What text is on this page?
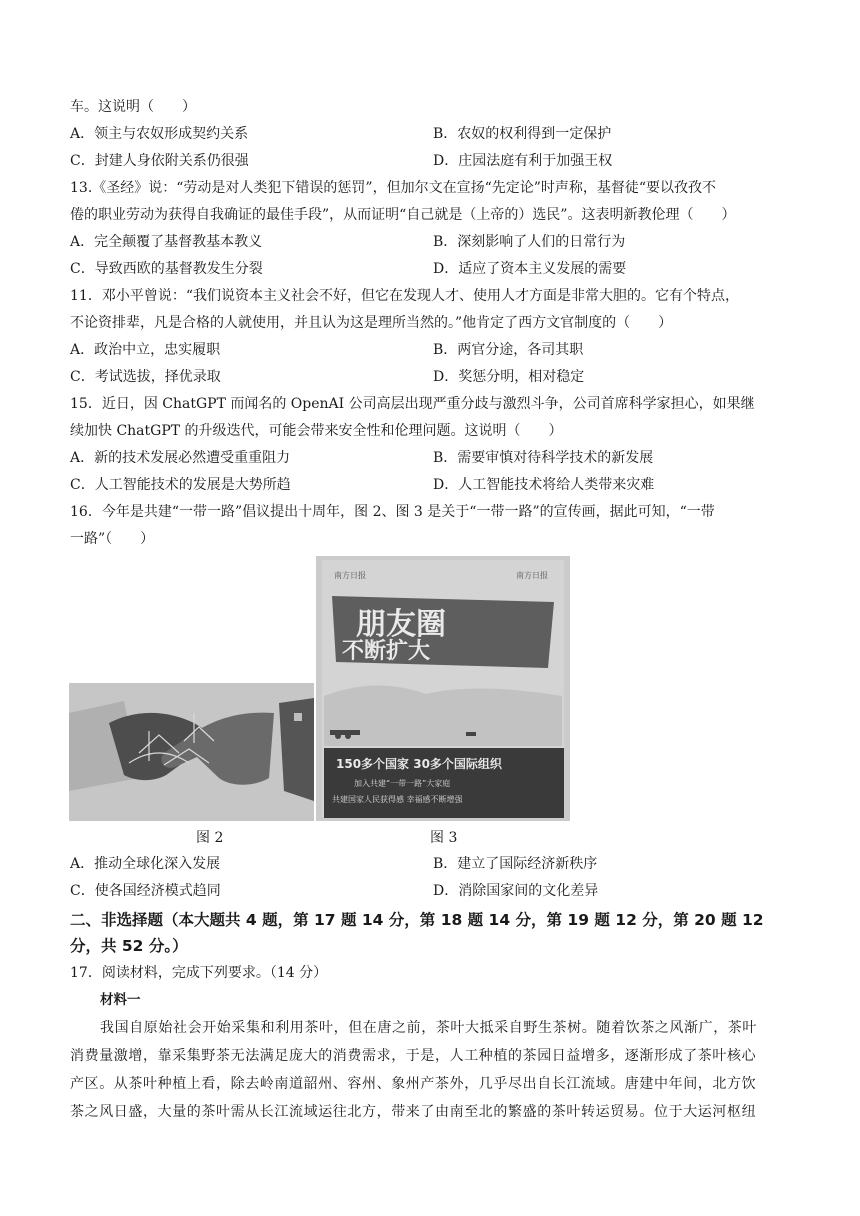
车。这说明（　　）
A．领主与农奴形成契约关系	B．农奴的权利得到一定保护
C．封建人身依附关系仍很强	D．庄园法庭有利于加强王权
13.《圣经》说：“劳动是对人类犯下错误的惩罚”，但加尔文在宣扬“先定论”时声称，基督徒“要以孜孜不
倦的职业劳动为获得自我确证的最佳手段”，从而证明“自己就是（上帝的）选民”。这表明新教伦理（　　）
A．完全颠覆了基督教基本教义	B．深刻影响了人们的日常行为
C．导致西欧的基督教发生分裂	D．适应了资本主义发展的需要
11．邓小平曾说：“我们说资本主义社会不好，但它在发现人才、使用人才方面是非常大胆的。它有个特点，
不论资排辈，凡是合格的人就使用，并且认为这是理所当然的。”他肯定了西方文官制度的（　　）
A．政治中立，忠实履职	B．两官分途，各司其职
C．考试选拔，择优录取	D．奖惩分明，相对稳定
15．近日，因 ChatGPT 而闻名的 OpenAI 公司高层出现严重分歧与激烈斗争，公司首席科学家担心，如果继
续加快 ChatGPT 的升级迭代，可能会带来安全性和伦理问题。这说明（　　）
A．新的技术发展必然遭受重重阻力	B．需要审慎对待科学技术的新发展
C．人工智能技术的发展是大势所趋	D．人工智能技术将给人类带来灾难
16．今年是共建“一带一路”倡议提出十周年，图 2、图 3 是关于“一带一路”的宣传画，据此可知，“一带
一路”（　　）
南方日报	南方日报
朋友圈
不断扩大
150多个国家 30多个国际组织
加入共建“一带一路”大家庭
共建国家人民获得感 幸福感不断增强
图 2	图 3
A．推动全球化深入发展	B．建立了国际经济新秩序
C．使各国经济模式趋同	D．消除国家间的文化差异
二、非选择题（本大题共 4 题，第 17 题 14 分，第 18 题 14 分，第 19 题 12 分，第 20 题 12
分，共 52 分。）
17．阅读材料，完成下列要求。（14 分）
材料一
我国自原始社会开始采集和利用茶叶，但在唐之前，茶叶大抵采自野生茶树。随着饮茶之风渐广，茶叶
消费量激增，靠采集野茶无法满足庞大的消费需求，于是，人工种植的茶园日益增多，逐渐形成了茶叶核心
产区。从茶叶种植上看，除去岭南道韶州、容州、象州产茶外，几乎尽出自长江流域。唐建中年间，北方饮
茶之风日盛，大量的茶叶需从长江流域运往北方，带来了由南至北的繁盛的茶叶转运贸易。位于大运河枢纽
